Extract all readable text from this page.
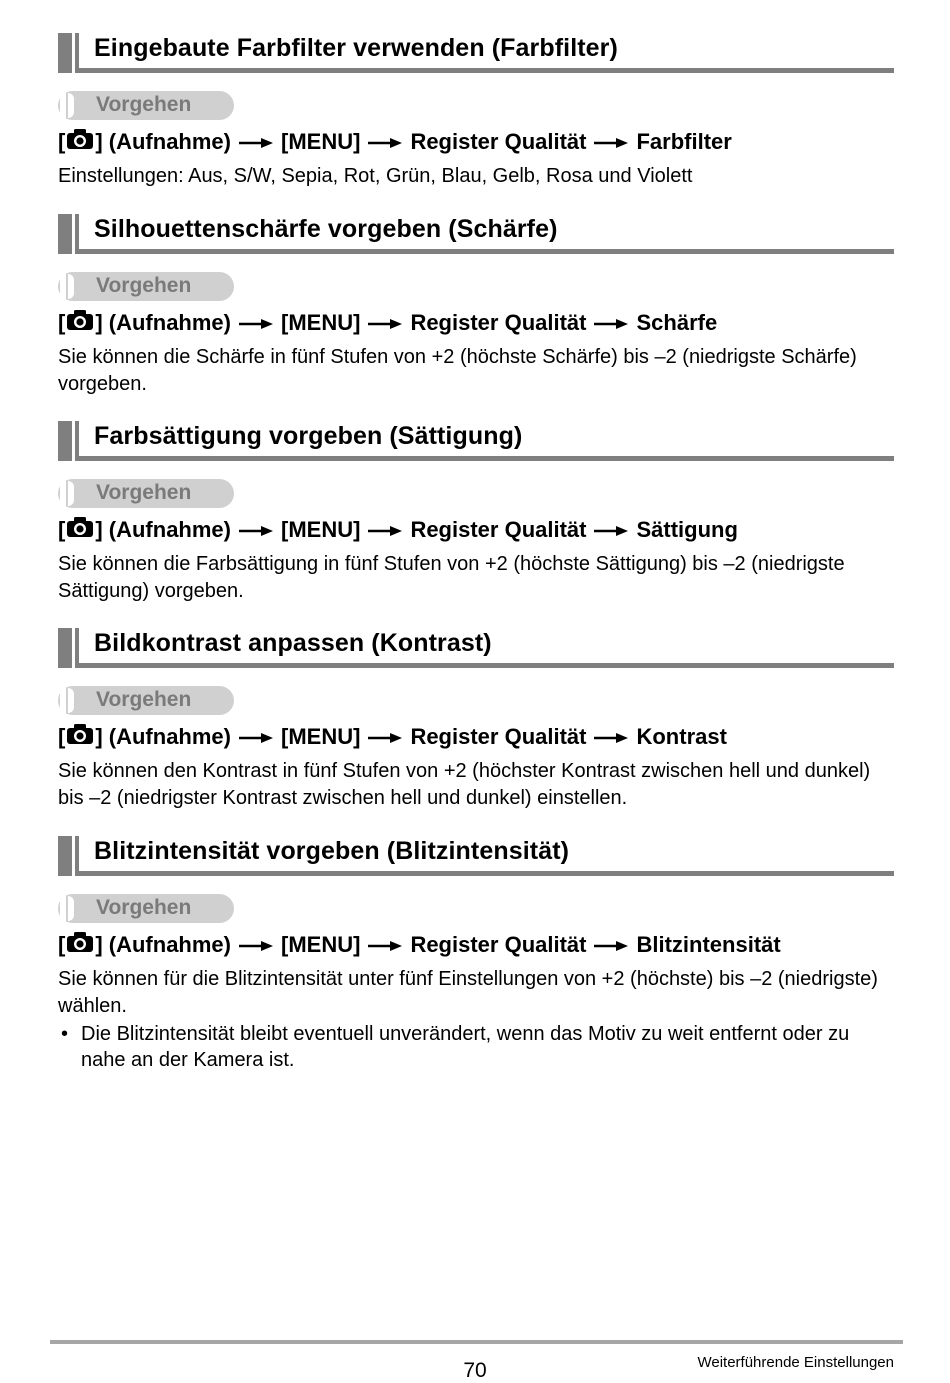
Eingebaute Farbfilter verwenden (Farbfilter)
Vorgehen
[ ] (Aufnahme) [MENU] Register Qualität Farbfilter
Einstellungen: Aus, S/W, Sepia, Rot, Grün, Blau, Gelb, Rosa und Violett
Silhouettenschärfe vorgeben (Schärfe)
Vorgehen
[ ] (Aufnahme) [MENU] Register Qualität Schärfe
Sie können die Schärfe in fünf Stufen von +2 (höchste Schärfe) bis –2 (niedrigste Schärfe) vorgeben.
Farbsättigung vorgeben (Sättigung)
Vorgehen
[ ] (Aufnahme) [MENU] Register Qualität Sättigung
Sie können die Farbsättigung in fünf Stufen von +2 (höchste Sättigung) bis –2 (niedrigste Sättigung) vorgeben.
Bildkontrast anpassen (Kontrast)
Vorgehen
[ ] (Aufnahme) [MENU] Register Qualität Kontrast
Sie können den Kontrast in fünf Stufen von +2 (höchster Kontrast zwischen hell und dunkel) bis –2 (niedrigster Kontrast zwischen hell und dunkel) einstellen.
Blitzintensität vorgeben (Blitzintensität)
Vorgehen
[ ] (Aufnahme) [MENU] Register Qualität Blitzintensität
Sie können für die Blitzintensität unter fünf Einstellungen von +2 (höchste) bis –2 (niedrigste) wählen.
• Die Blitzintensität bleibt eventuell unverändert, wenn das Motiv zu weit entfernt oder zu nahe an der Kamera ist.
70	Weiterführende Einstellungen
